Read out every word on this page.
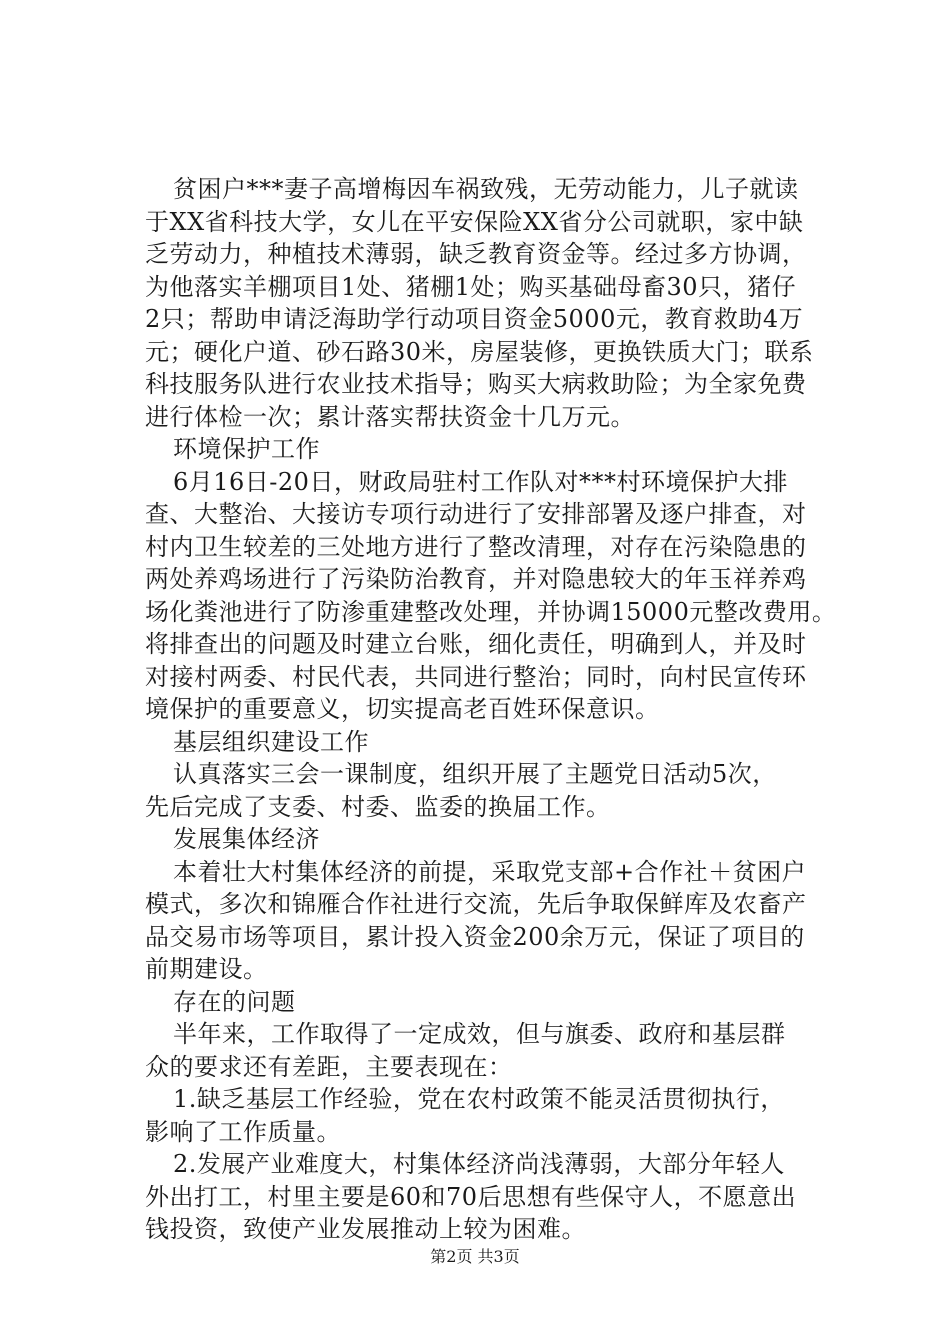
贫困户***妻子高增梅因车祸致残，无劳动能力，儿子就读
于XX省科技大学，女儿在平安保险XX省分公司就职，家中缺
乏劳动力，种植技术薄弱，缺乏教育资金等。经过多方协调，
为他落实羊棚项目1处、猪棚1处；购买基础母畜30只，猪仔
2只；帮助申请泛海助学行动项目资金5000元，教育救助4万
元；硬化户道、砂石路30米，房屋装修，更换铁质大门；联系
科技服务队进行农业技术指导；购买大病救助险；为全家免费
进行体检一次；累计落实帮扶资金十几万元。
环境保护工作
6月16日-20日，财政局驻村工作队对***村环境保护大排
查、大整治、大接访专项行动进行了安排部署及逐户排查，对
村内卫生较差的三处地方进行了整改清理，对存在污染隐患的
两处养鸡场进行了污染防治教育，并对隐患较大的年玉祥养鸡
场化粪池进行了防渗重建整改处理，并协调15000元整改费用。
将排查出的问题及时建立台账，细化责任，明确到人，并及时
对接村两委、村民代表，共同进行整治；同时，向村民宣传环
境保护的重要意义，切实提高老百姓环保意识。
基层组织建设工作
认真落实三会一课制度，组织开展了主题党日活动5次，
先后完成了支委、村委、监委的换届工作。
发展集体经济
本着壮大村集体经济的前提，采取党支部+合作社＋贫困户
模式，多次和锦雁合作社进行交流，先后争取保鲜库及农畜产
品交易市场等项目，累计投入资金200余万元，保证了项目的
前期建设。
存在的问题
半年来，工作取得了一定成效，但与旗委、政府和基层群
众的要求还有差距，主要表现在：
1.缺乏基层工作经验，党在农村政策不能灵活贯彻执行，
影响了工作质量。
2.发展产业难度大，村集体经济尚浅薄弱，大部分年轻人
外出打工，村里主要是60和70后思想有些保守人，不愿意出
钱投资，致使产业发展推动上较为困难。
第2页 共3页
